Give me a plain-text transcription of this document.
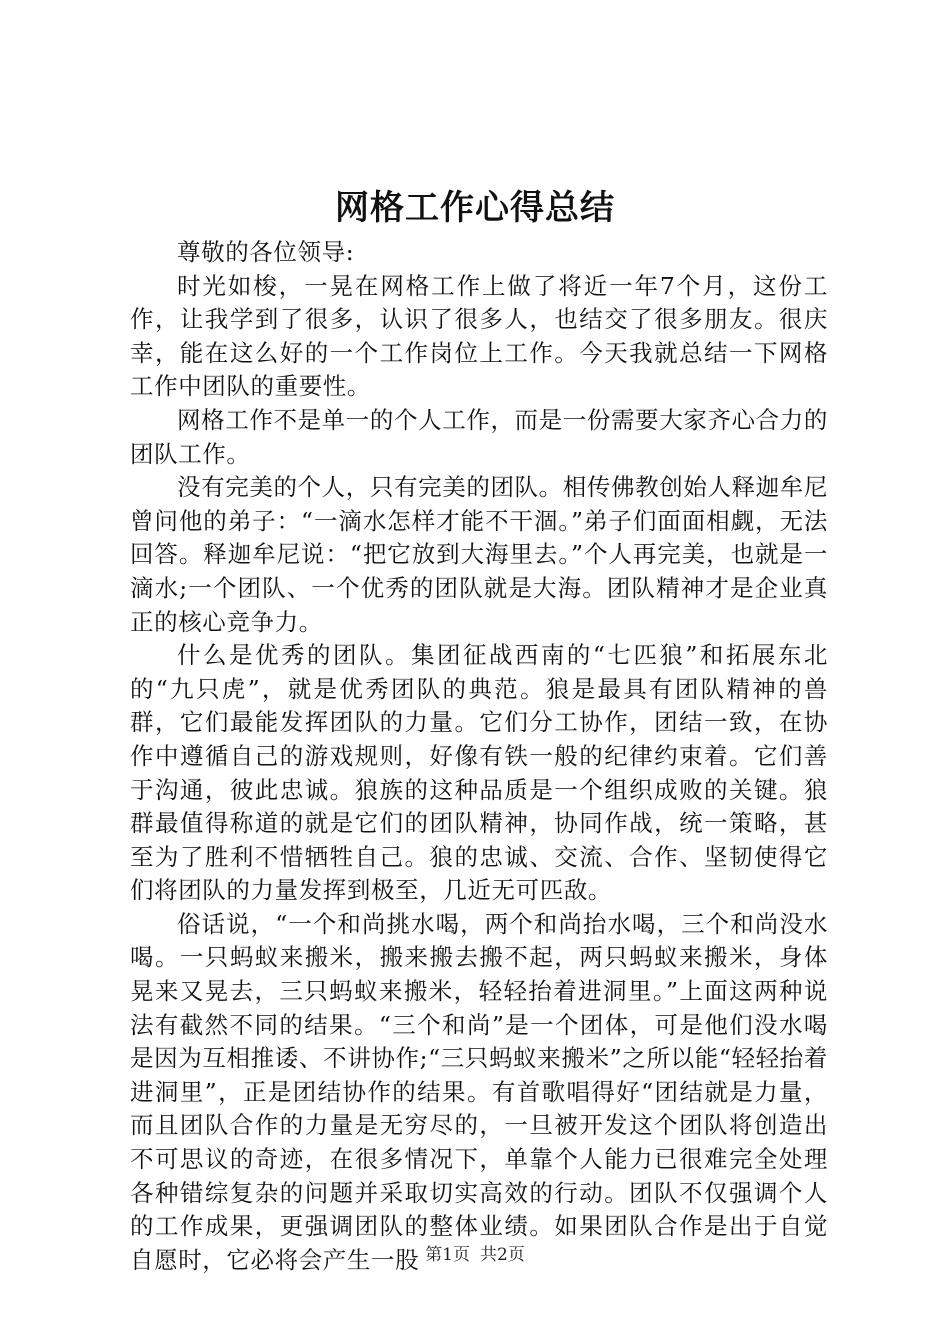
网格工作心得总结

尊敬的各位领导:

时光如梭，一晃在网格工作上做了将近一年7个月，这份工作，让我学到了很多，认识了很多人，也结交了很多朋友。很庆幸，能在这么好的一个工作岗位上工作。今天我就总结一下网格工作中团队的重要性。

网格工作不是单一的个人工作，而是一份需要大家齐心合力的团队工作。

没有完美的个人，只有完美的团队。相传佛教创始人释迦牟尼曾问他的弟子：“一滴水怎样才能不干涸。”弟子们面面相觑，无法回答。释迦牟尼说：“把它放到大海里去。”个人再完美，也就是一滴水;一个团队、一个优秀的团队就是大海。团队精神才是企业真正的核心竞争力。

什么是优秀的团队。集团征战西南的“七匹狼”和拓展东北的“九只虎”，就是优秀团队的典范。狼是最具有团队精神的兽群，它们最能发挥团队的力量。它们分工协作，团结一致，在协作中遵循自己的游戏规则，好像有铁一般的纪律约束着。它们善于沟通，彼此忠诚。狼族的这种品质是一个组织成败的关键。狼群最值得称道的就是它们的团队精神，协同作战，统一策略，甚至为了胜利不惜牺牲自己。狼的忠诚、交流、合作、坚韧使得它们将团队的力量发挥到极至，几近无可匹敌。

俗话说，“一个和尚挑水喝，两个和尚抬水喝，三个和尚没水喝。一只蚂蚁来搬米，搬来搬去搬不起，两只蚂蚁来搬米，身体晃来又晃去，三只蚂蚁来搬米，轻轻抬着进洞里。”上面这两种说法有截然不同的结果。“三个和尚”是一个团体，可是他们没水喝是因为互相推诿、不讲协作;“三只蚂蚁来搬米”之所以能“轻轻抬着进洞里”，正是团结协作的结果。有首歌唱得好“团结就是力量，而且团队合作的力量是无穷尽的，一旦被开发这个团队将创造出不可思议的奇迹，在很多情况下，单靠个人能力已很难完全处理各种错综复杂的问题并采取切实高效的行动。团队不仅强调个人的工作成果，更强调团队的整体业绩。如果团队合作是出于自觉自愿时，它必将会产生一股 第1页 共2页
